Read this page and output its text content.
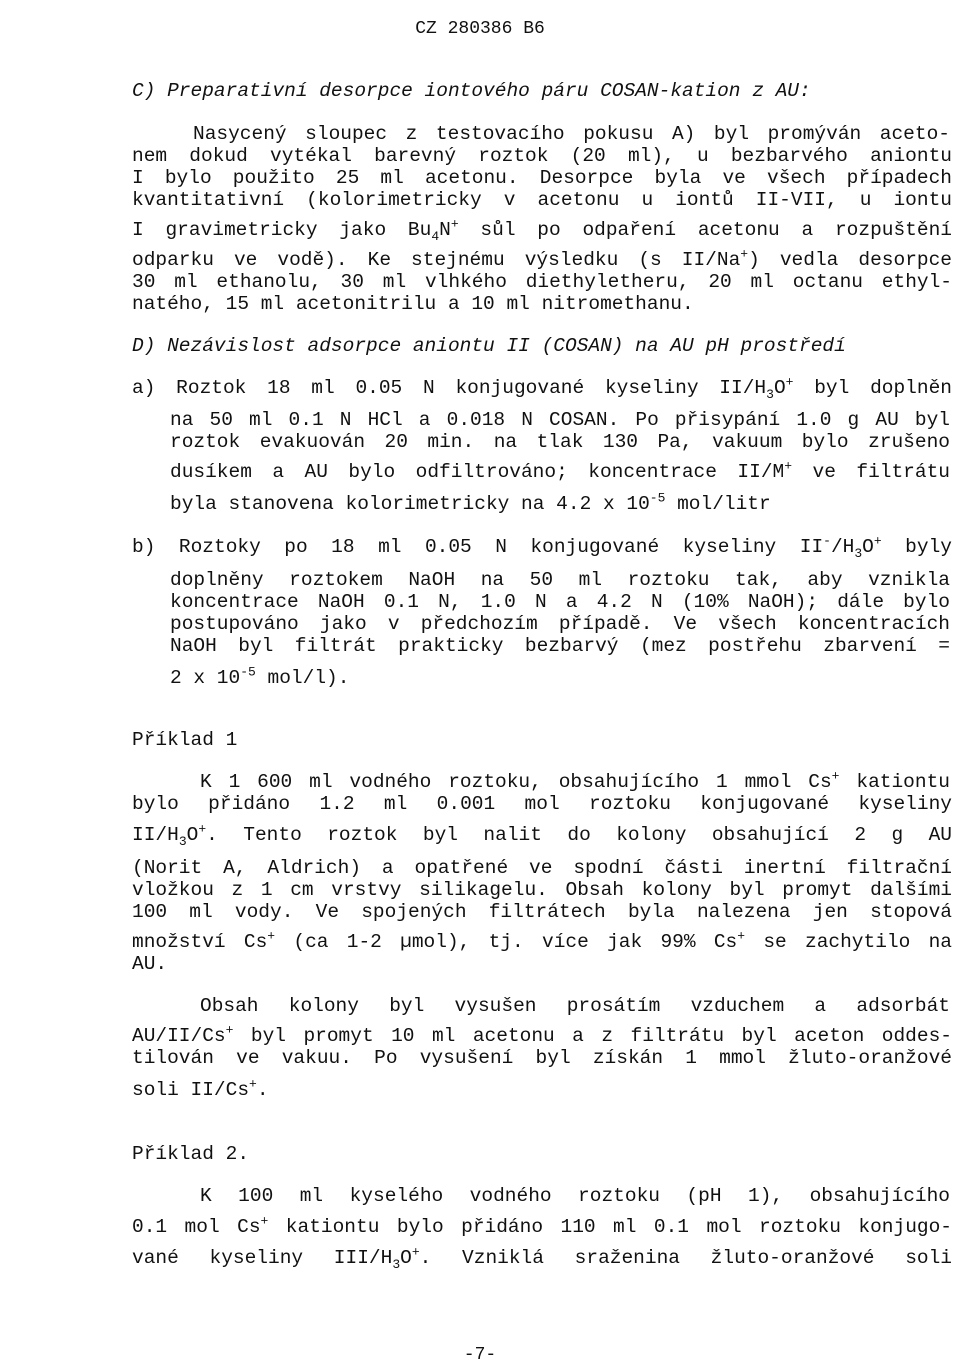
CZ 280386 B6
C) Preparativní desorpce iontového páru COSAN-kation z AU:
Nasycený sloupec z testovacího pokusu A) byl promýván aceto-
nem dokud vytékal barevný roztok (20 ml), u bezbarvého aniontu
I bylo použito 25 ml acetonu. Desorpce byla ve všech případech
kvantitativní (kolorimetricky v acetonu u iontů II-VII, u iontu
I gravimetricky jako $Bu_4N^+$ sůl po odpaření acetonu a rozpuštění
odparku ve vodě). Ke stejnému výsledku (s II/Na+) vedla desorpce
30 ml ethanolu, 30 ml vlhkého diethyletheru, 20 ml octanu ethyl-
natého, 15 ml acetonitrilu a 10 ml nitromethanu.
D) Nezávislost adsorpce aniontu II (COSAN) na AU pH prostředí
a) Roztok 18 ml 0.05 N konjugované kyseliny $II/H_3O^+$ byl doplněn
na 50 ml 0.1 N HCl a 0.018 N COSAN. Po přisypání 1.0 g AU byl
roztok evakuován 20 min. na tlak 130 Pa, vakuum bylo zrušeno
dusíkem a AU bylo odfiltrováno; koncentrace II/M+ ve filtrátu
byla stanovena kolorimetricky na 4.2 x $10^{-5}$ mol/litr
b) Roztoky po 18 ml 0.05 N konjugované kyseliny $II^-/H_3O^+$ byly
doplněny roztokem NaOH na 50 ml roztoku tak, aby vznikla
koncentrace NaOH 0.1 N, 1.0 N a 4.2 N (10% NaOH); dále bylo
postupováno jako v předchozím případě. Ve všech koncentracích
NaOH byl filtrát prakticky bezbarvý (mez postřehu zbarvení =
2 x $10^{-5}$ mol/l).
Příklad 1
K 1 600 ml vodného roztoku, obsahujícího 1 mmol Cs+ kationtu
bylo přidáno 1.2 ml 0.001 mol roztoku konjugované kyseliny
$II/H_3O^+$. Tento roztok byl nalit do kolony obsahující 2 g AU
(Norit A, Aldrich) a opatřené ve spodní části inertní filtrační
vložkou z 1 cm vrstvy silikagelu. Obsah kolony byl promyt dalšími
100 ml vody. Ve spojených filtrátech byla nalezena jen stopová
množství Cs+ (ca 1-2 µmol), tj. více jak 99% Cs+ se zachytilo na
AU.
Obsah kolony byl vysušen prosátím vzduchem a adsorbát
AU/II/Cs+ byl promyt 10 ml acetonu a z filtrátu byl aceton oddes-
tilován ve vakuu. Po vysušení byl získán 1 mmol žluto-oranžové
soli II/Cs+.
Příklad 2.
K 100 ml kyselého vodného roztoku (pH 1), obsahujícího
0.1 mol Cs+ kationtu bylo přidáno 110 ml 0.1 mol roztoku konjugo-
vané kyseliny III/$H_3O^+$. Vzniklá sraženina žluto-oranžové soli
-7-
